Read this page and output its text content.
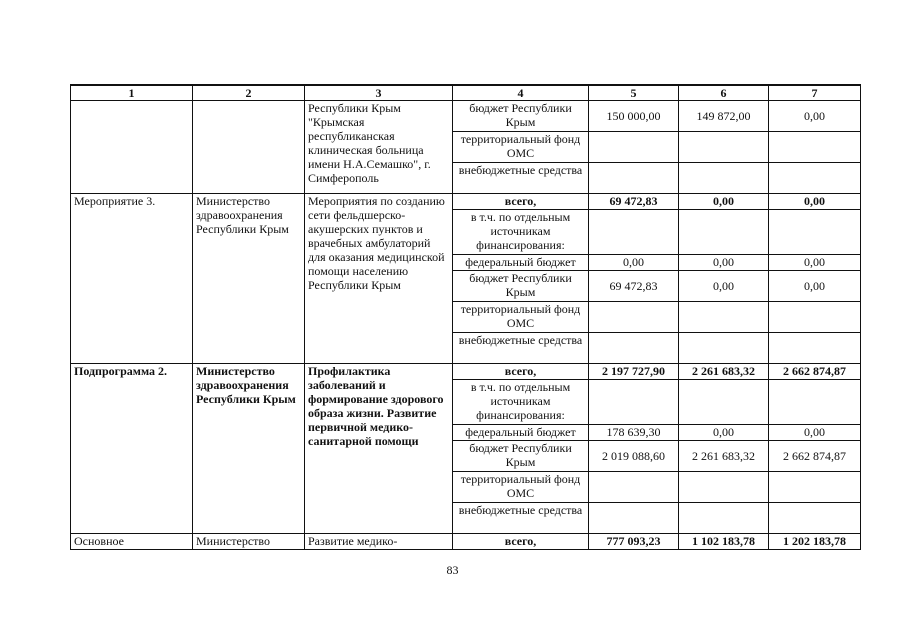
1	2	3	4	5	6	7
		Республики Крым "Крымская республиканская клиническая больница имени Н.А.Семашко", г. Симферополь	бюджет Республики Крым	150 000,00	149 872,00	0,00
			территориальный фонд ОМС			
			внебюджетные средства			
Мероприятие 3.	Министерство здравоохранения Республики Крым	Мероприятия по созданию сети фельдшерско-акушерских пунктов и врачебных амбулаторий для оказания медицинской помощи населению Республики Крым	всего,	69 472,83	0,00	0,00
			в т.ч. по отдельным источникам финансирования:			
			федеральный бюджет	0,00	0,00	0,00
			бюджет Республики Крым	69 472,83	0,00	0,00
			территориальный фонд ОМС			
			внебюджетные средства			
Подпрограмма 2.	Министерство здравоохранения Республики Крым	Профилактика заболеваний и формирование здорового образа жизни. Развитие первичной медико-санитарной помощи	всего,	2 197 727,90	2 261 683,32	2 662 874,87
			в т.ч. по отдельным источникам финансирования:			
			федеральный бюджет	178 639,30	0,00	0,00
			бюджет Республики Крым	2 019 088,60	2 261 683,32	2 662 874,87
			территориальный фонд ОМС			
			внебюджетные средства			
Основное	Министерство	Развитие медико-	всего,	777 093,23	1 102 183,78	1 202 183,78
83
